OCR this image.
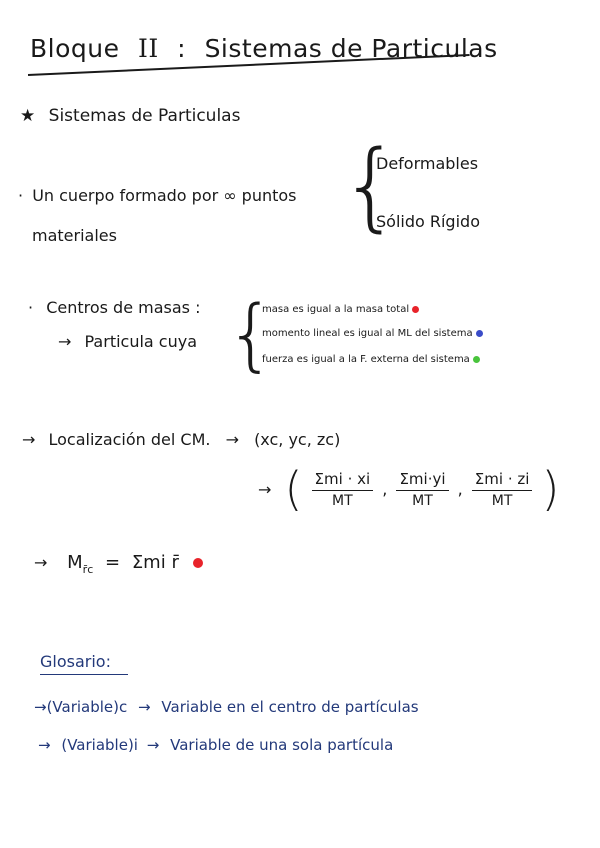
Bloque II : Sistemas de Particulas
★ Sistemas de Particulas
· Un cuerpo formado por ∞ puntos
materiales {
Deformables
Sólido Rígido
· Centros de masas :
→ Particula cuya {
masa es igual a la masa total
momento lineal es igual al ML del sistema
fuerza es igual a la F. externa del sistema
→ Localización del CM. → (xc, yc, zc)
→ ( $\frac{\text{Σmi · xi}}{MT}$ , $\frac{\text{Σmi·yi}}{MT}$ , $\frac{\text{Σmi · zi}}{MT}$ )
→ $M_{r̄c} = \Sigma mi$ r̄
Glosario:
→(Variable)c → Variable en el centro de partículas
→ (Variable)i → Variable de una sola partícula
